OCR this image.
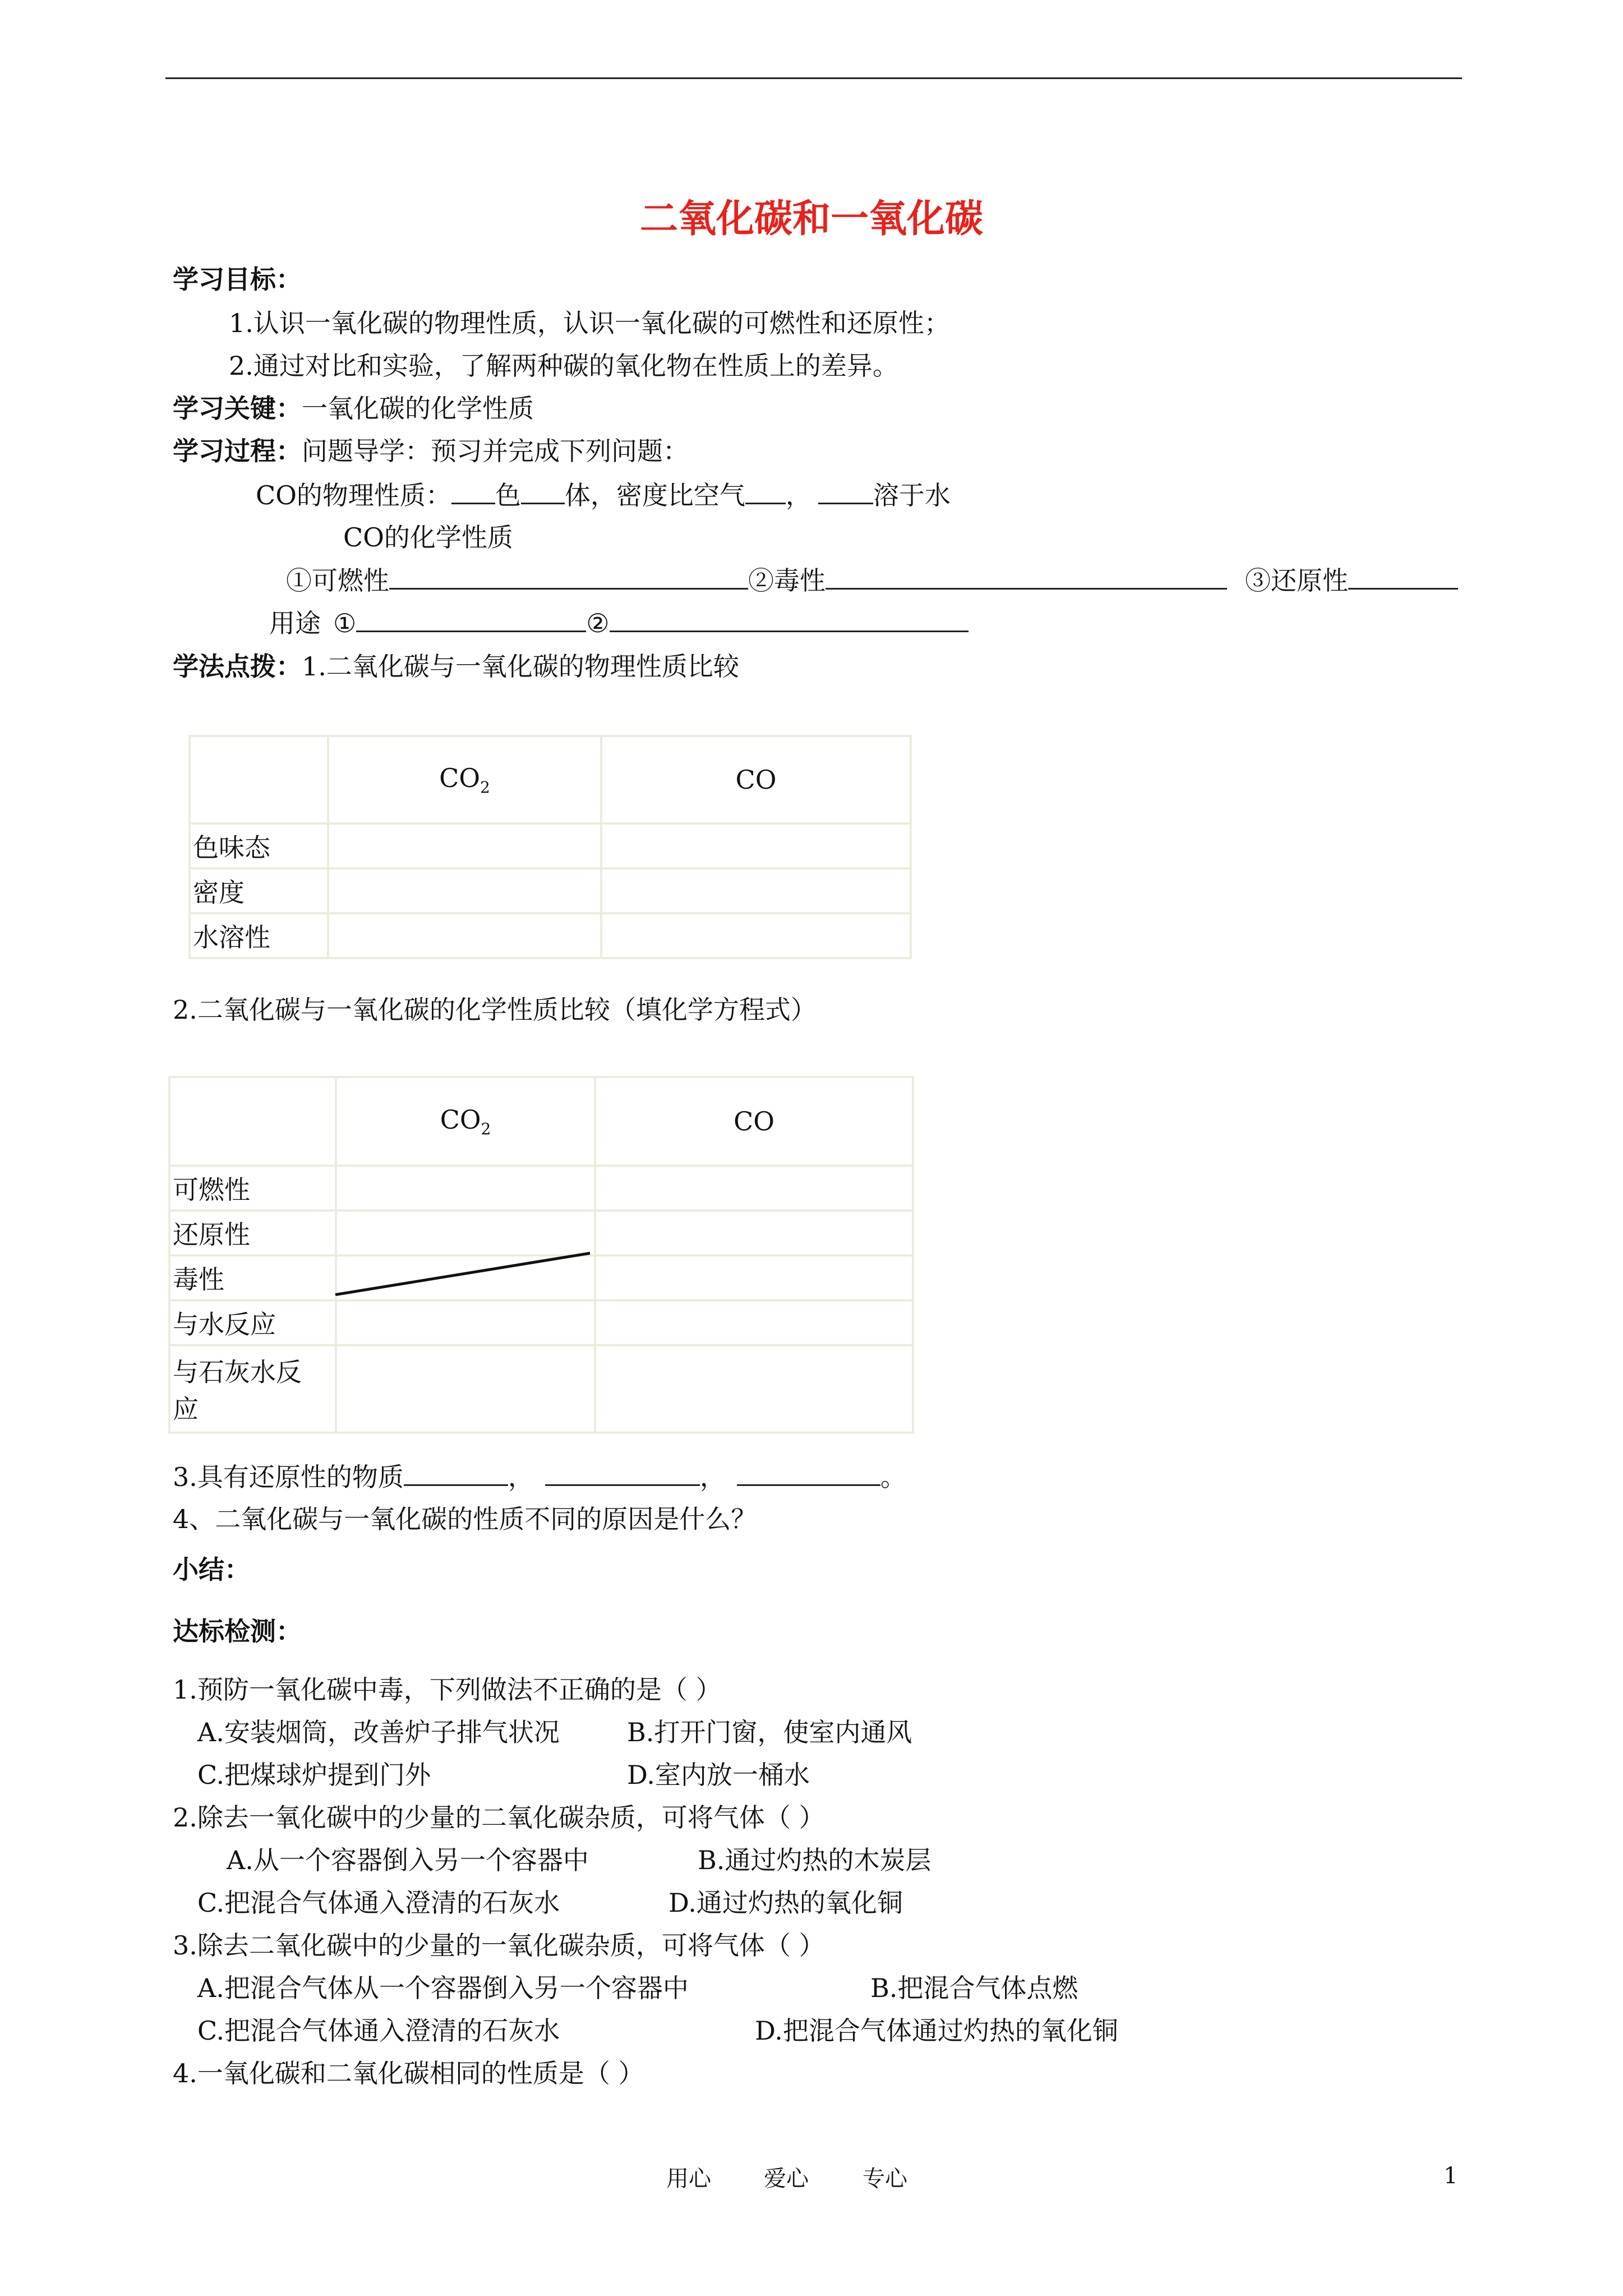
二氧化碳和一氧化碳
学习目标：
1.认识一氧化碳的物理性质，认识一氧化碳的可燃性和还原性；
2.通过对比和实验，了解两种碳的氧化物在性质上的差异。
学习关键：一氧化碳的化学性质
学习过程：问题导学：预习并完成下列问题：
CO的物理性质： 色 体，密度比空气 ， 溶于水
CO的化学性质
①可燃性	②毒性	③还原性
用途 ①	②
学法点拨：1.二氧化碳与一氧化碳的物理性质比较
	$CO_2$	CO
色味态		
密度		
水溶性		
2.二氧化碳与一氧化碳的化学性质比较（填化学方程式）
	$CO_2$	CO
可燃性		
还原性		
毒性		
与水反应		

与石灰水反
应		

3.具有还原性的物质	，	，	。
4、二氧化碳与一氧化碳的性质不同的原因是什么？
小结：
达标检测：
1.预防一氧化碳中毒，下列做法不正确的是（ ）
A.安装烟筒，改善炉子排气状况	B.打开门窗，使室内通风
C.把煤球炉提到门外	D.室内放一桶水
2.除去一氧化碳中的少量的二氧化碳杂质，可将气体（ ）
A.从一个容器倒入另一个容器中	B.通过灼热的木炭层
C.把混合气体通入澄清的石灰水	D.通过灼热的氧化铜
3.除去二氧化碳中的少量的一氧化碳杂质，可将气体（ ）
A.把混合气体从一个容器倒入另一个容器中	B.把混合气体点燃
C.把混合气体通入澄清的石灰水	D.把混合气体通过灼热的氧化铜
4.一氧化碳和二氧化碳相同的性质是（ ）
用心 爱心 专心	1
